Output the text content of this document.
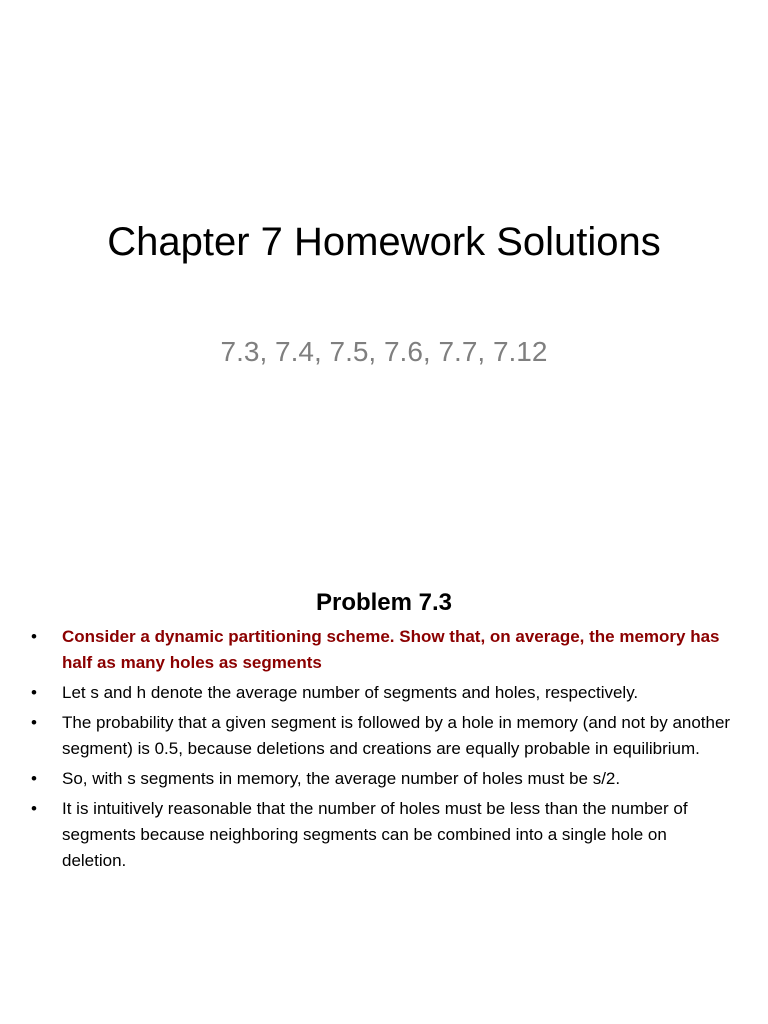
Chapter 7 Homework Solutions
7.3, 7.4, 7.5, 7.6, 7.7, 7.12
Problem 7.3
•	Consider a dynamic partitioning scheme. Show that, on average, the memory has half as many holes as segments
•	Let s and h denote the average number of segments and holes, respectively.
•	The probability that a given segment is followed by a hole in memory (and not by another segment) is 0.5, because deletions and creations are equally probable in equilibrium.
•	So, with s segments in memory, the average number of holes must be s/2.
•	It is intuitively reasonable that the number of holes must be less than the number of segments because neighboring segments can be combined into a single hole on deletion.
